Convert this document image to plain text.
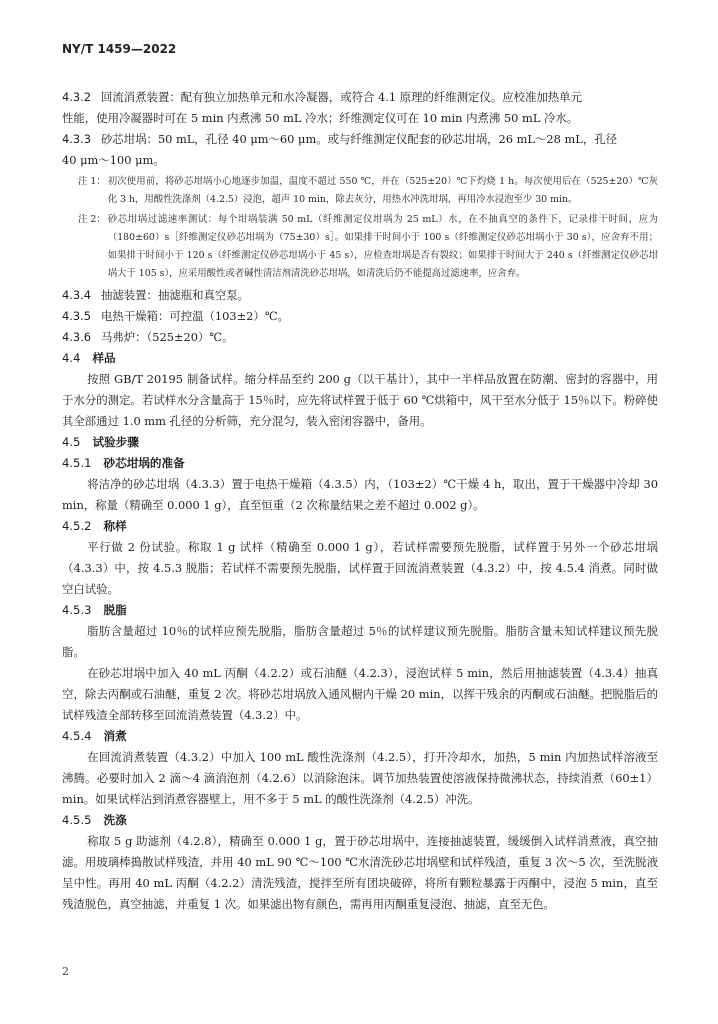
NY/T 1459—2022

4.3.2 回流消煮装置：配有独立加热单元和水冷凝器，或符合 4.1 原理的纤维测定仪。应校准加热单元

性能，使用冷凝器时可在 5 min 内煮沸 50 mL 冷水；纤维测定仪可在 10 min 内煮沸 50 mL 冷水。

4.3.3 砂芯坩埚：50 mL，孔径 40 μm～60 μm。或与纤维测定仪配套的砂芯坩埚，26 mL～28 mL，孔径

40 μm～100 μm。

注 1： 初次使用前，将砂芯坩埚小心地逐步加温，温度不超过 550 ℃，并在（525±20）℃下灼烧 1 h。每次使用后在（525±20）℃灰化 3 h，用酸性洗涤剂（4.2.5）浸泡，超声 10 min，除去灰分，用热水冲洗坩埚，再用冷水浸泡至少 30 min。
注 2： 砂芯坩埚过滤速率测试：每个坩埚装满 50 mL（纤维测定仪坩埚为 25 mL）水，在不抽真空的条件下，记录排干时间，应为（180±60）s［纤维测定仪砂芯坩埚为（75±30）s］。如果排干时间小于 100 s（纤维测定仪砂芯坩埚小于 30 s），应舍弃不用；如果排干时间小于 120 s（纤维测定仪砂芯坩埚小于 45 s），应检查坩埚是否有裂纹；如果排干时间大于 240 s（纤维测定仪砂芯坩埚大于 105 s），应采用酸性或者碱性清洁剂清洗砂芯坩埚，如清洗后仍不能提高过滤速率，应舍弃。

4.3.4 抽滤装置：抽滤瓶和真空泵。

4.3.5 电热干燥箱：可控温（103±2）℃。

4.3.6 马弗炉：（525±20）℃。

4.4 样品

按照 GB/T 20195 制备试样。缩分样品至约 200 g（以干基计），其中一半样品放置在防潮、密封的容器中，用于水分的测定。若试样水分含量高于 15％时，应先将试样置于低于 60 ℃烘箱中，风干至水分低于 15％以下。粉碎使其全部通过 1.0 mm 孔径的分析筛，充分混匀，装入密闭容器中，备用。

4.5 试验步骤

4.5.1 砂芯坩埚的准备

将洁净的砂芯坩埚（4.3.3）置于电热干燥箱（4.3.5）内，（103±2）℃干燥 4 h，取出，置于干燥器中冷却 30 min，称量（精确至 0.000 1 g），直至恒重（2 次称量结果之差不超过 0.002 g）。

4.5.2 称样

平行做 2 份试验。称取 1 g 试样（精确至 0.000 1 g），若试样需要预先脱脂，试样置于另外一个砂芯坩埚（4.3.3）中，按 4.5.3 脱脂；若试样不需要预先脱脂，试样置于回流消煮装置（4.3.2）中，按 4.5.4 消煮。同时做空白试验。

4.5.3 脱脂

脂肪含量超过 10％的试样应预先脱脂，脂肪含量超过 5％的试样建议预先脱脂。脂肪含量未知试样建议预先脱脂。

在砂芯坩埚中加入 40 mL 丙酮（4.2.2）或石油醚（4.2.3），浸泡试样 5 min，然后用抽滤装置（4.3.4）抽真空，除去丙酮或石油醚，重复 2 次。将砂芯坩埚放入通风橱内干燥 20 min，以挥干残余的丙酮或石油醚。把脱脂后的试样残渣全部转移至回流消煮装置（4.3.2）中。

4.5.4 消煮

在回流消煮装置（4.3.2）中加入 100 mL 酸性洗涤剂（4.2.5），打开冷却水，加热，5 min 内加热试样溶液至沸腾。必要时加入 2 滴～4 滴消泡剂（4.2.6）以消除泡沫。调节加热装置使溶液保持微沸状态，持续消煮（60±1）min。如果试样沾到消煮容器壁上，用不多于 5 mL 的酸性洗涤剂（4.2.5）冲洗。

4.5.5 洗涤

称取 5 g 助滤剂（4.2.8），精确至 0.000 1 g，置于砂芯坩埚中，连接抽滤装置，缓缓倒入试样消煮液，真空抽滤。用玻璃棒搗散试样残渣，并用 40 mL 90 ℃～100 ℃水清洗砂芯坩埚壁和试样残渣，重复 3 次～5 次，至洗脱液呈中性。再用 40 mL 丙酮（4.2.2）清洗残渣，搅拌至所有团块破碎，将所有颗粒暴露于丙酮中，浸泡 5 min，直至残渣脱色，真空抽滤，并重复 1 次。如果滤出物有颜色，需再用丙酮重复浸泡、抽滤，直至无色。

2
